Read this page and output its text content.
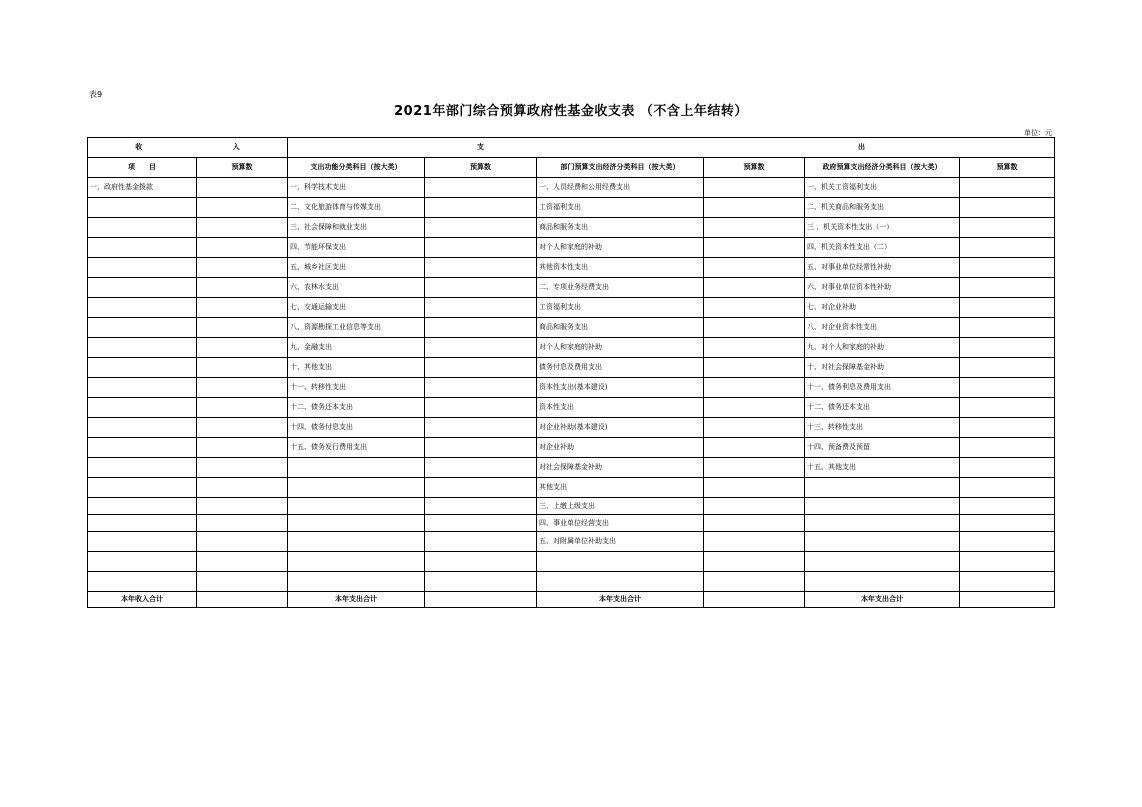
表9
2021年部门综合预算政府性基金收支表 （不含上年结转）
单位：元
收 入		支 出					

项　　目	预算数	支出功能分类科目（按大类）	预算数	部门预算支出经济分类科目（按大类）	预算数	政府预算支出经济分类科目（按大类）	预算数
一、政府性基金拨款		一、科学技术支出		一、人员经费和公用经费支出		一、机关工资福利支出	
		二、文化旅游体育与传媒支出		工资福利支出		二、机关商品和服务支出	
		三、社会保障和就业支出		商品和服务支出		三 、机关资本性支出（一）	
		四、节能环保支出		对个人和家庭的补助		四、机关资本性支出（二）	
		五、城乡社区支出		其他资本性支出		五、对事业单位经常性补助	
		六、农林水支出		二、专项业务经费支出		六、对事业单位资本性补助	
		七、交通运输支出		工资福利支出		七、对企业补助	
		八、资源勘探工业信息等支出		商品和服务支出		八、对企业资本性支出	
		九、金融支出		对个人和家庭的补助		九、对个人和家庭的补助	
		十、其他支出		债务付息及费用支出		十、对社会保障基金补助	
		十一、转移性支出		资本性支出(基本建设)		十一、债务利息及费用支出	
		十二、债务还本支出		资本性支出		十二、债务还本支出	
		十四、债务付息支出		对企业补助(基本建设)		十三、转移性支出	
		十五、债务发行费用支出		对企业补助		十四、预备费及预留	
				对社会保障基金补助		十五、其他支出	
				其他支出			
				三、上缴上级支出			
				四、事业单位经营支出			
				五、对附属单位补助支出			

本年收入合计		本年支出合计		本年支出合计		本年支出合计	
